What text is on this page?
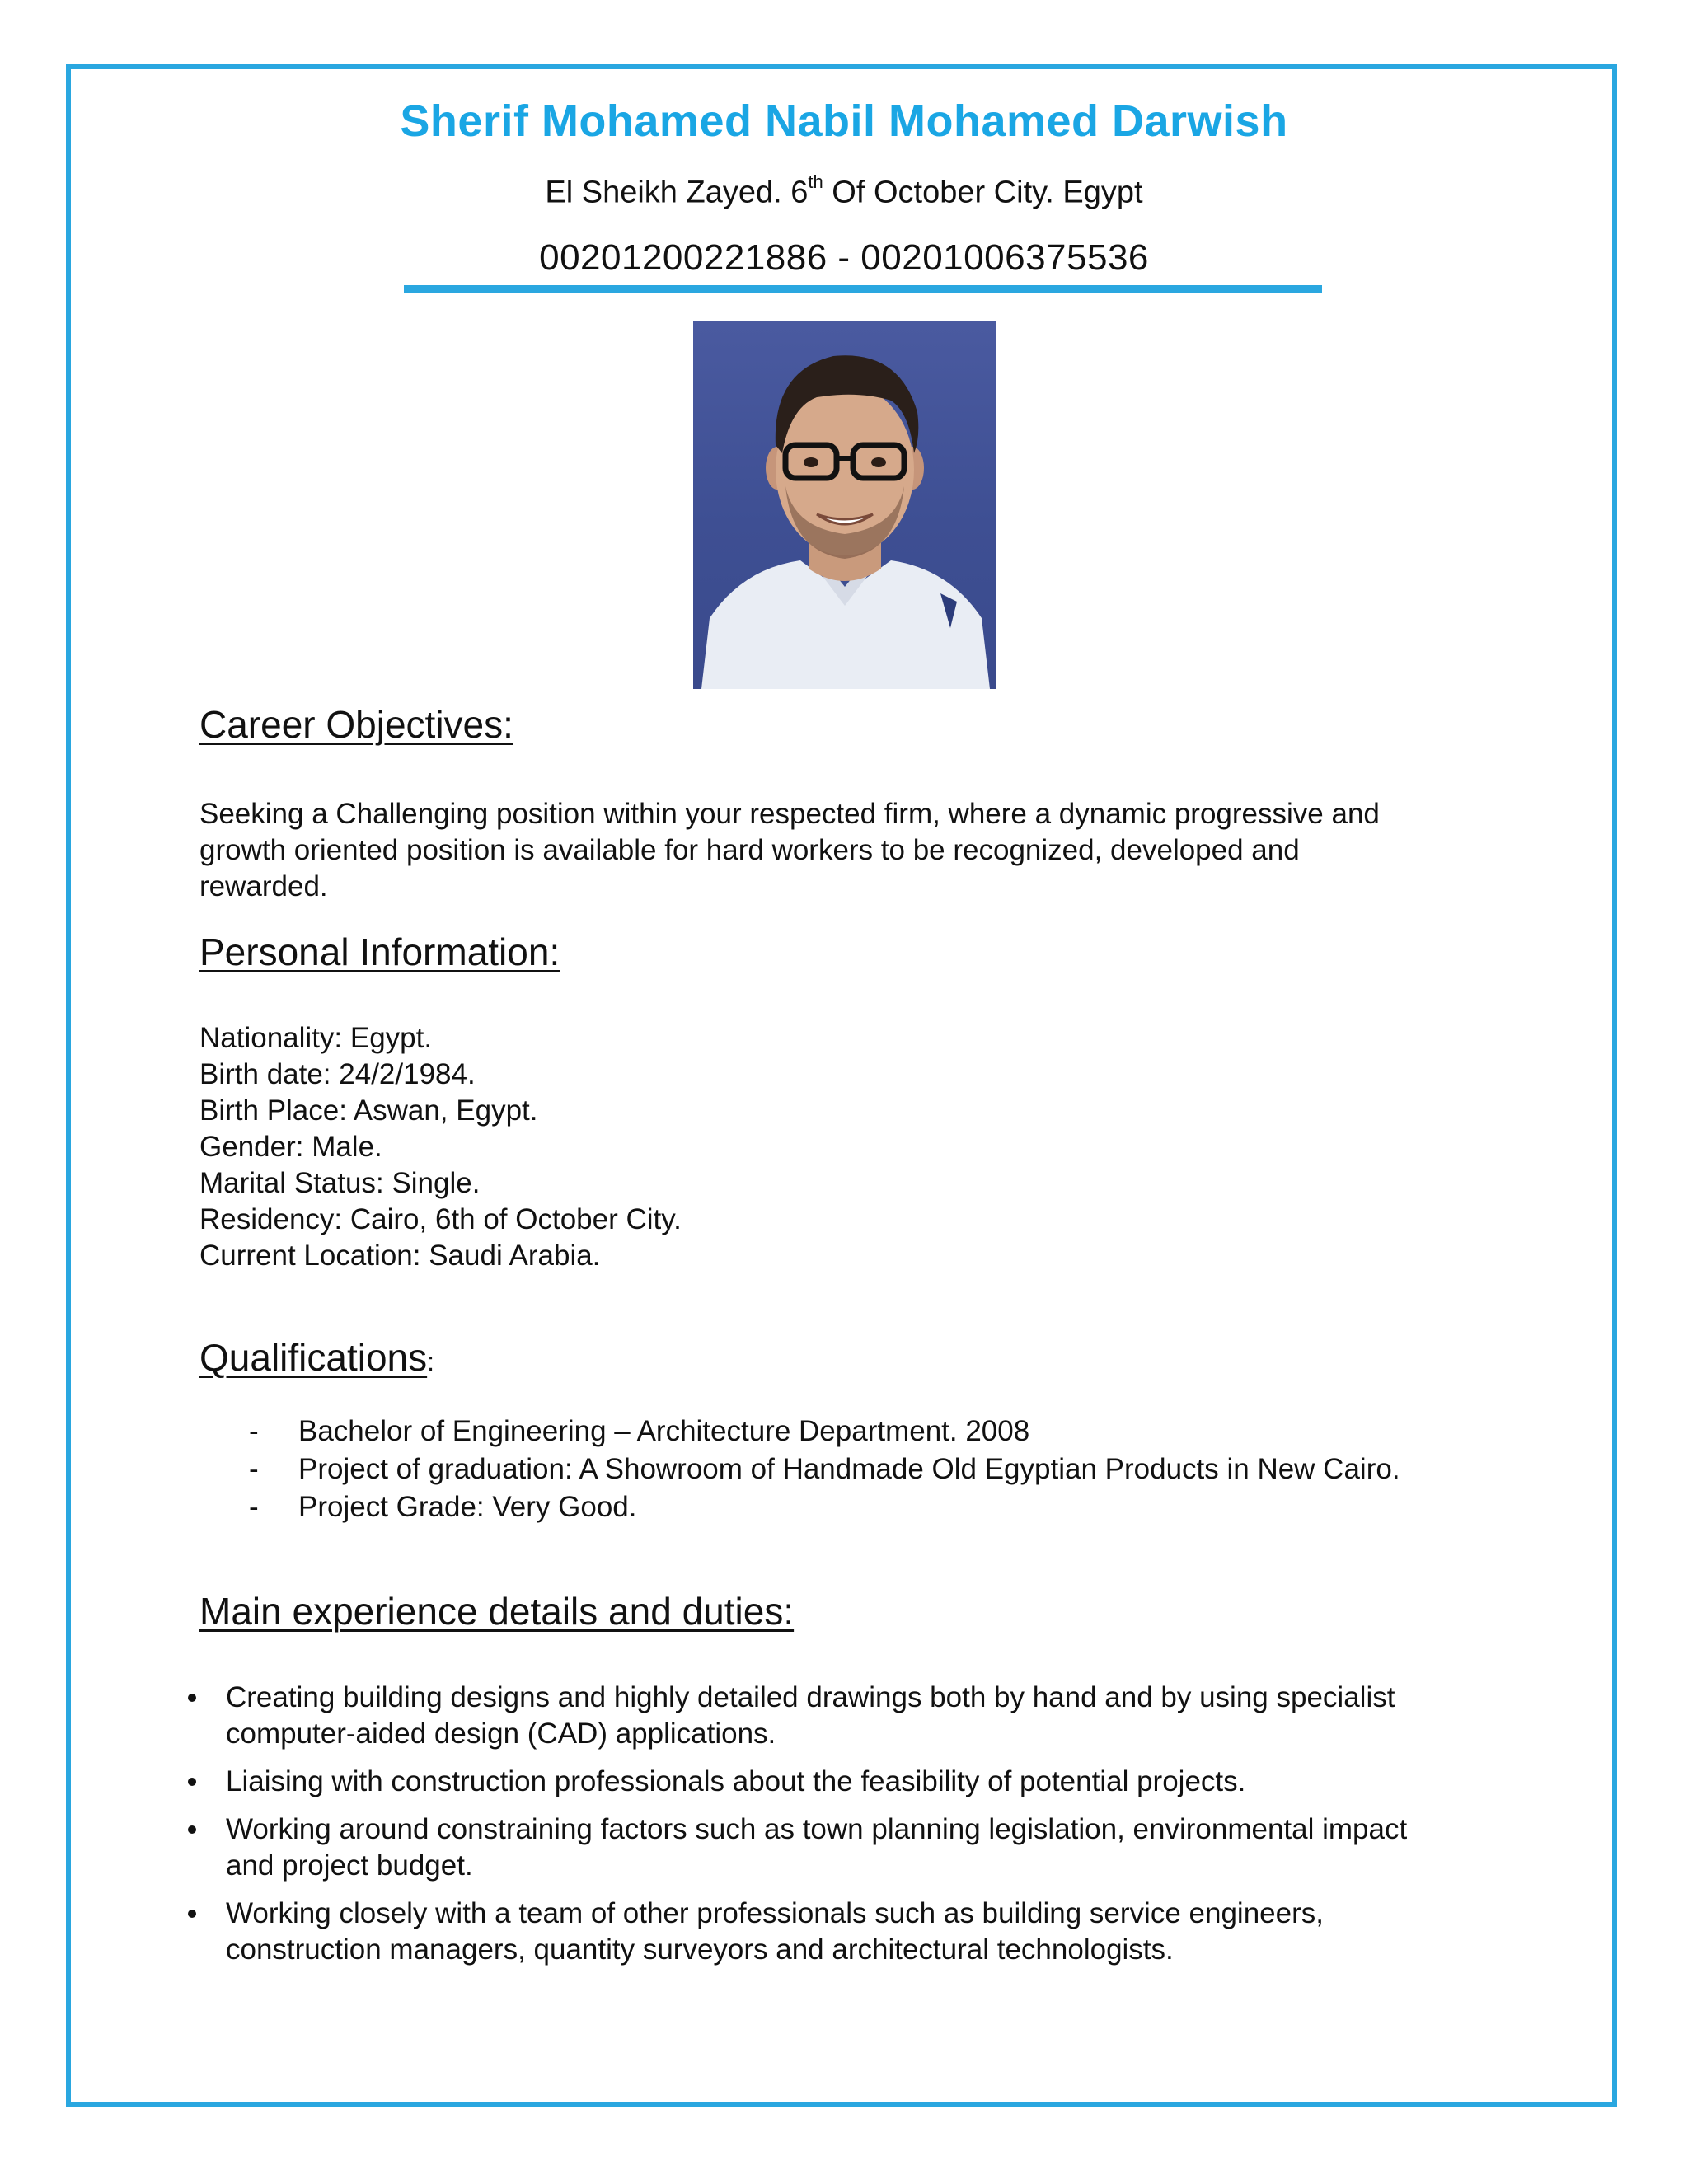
Sherif Mohamed Nabil Mohamed Darwish
El Sheikh Zayed. 6th Of October City. Egypt
00201200221886 - 00201006375536
Career Objectives:
Seeking a Challenging position within your respected firm, where a dynamic progressive and growth oriented position is available for hard workers to be recognized, developed and rewarded.
Personal Information:
Nationality: Egypt.
Birth date: 24/2/1984.
Birth Place: Aswan, Egypt.
Gender: Male.
Marital Status: Single.
Residency: Cairo, 6th of October City.
Current Location: Saudi Arabia.
Qualifications:
- Bachelor of Engineering – Architecture Department. 2008
- Project of graduation: A Showroom of Handmade Old Egyptian Products in New Cairo.
- Project Grade: Very Good.
Main experience details and duties:
Creating building designs and highly detailed drawings both by hand and by using specialist computer-aided design (CAD) applications.
Liaising with construction professionals about the feasibility of potential projects.
Working around constraining factors such as town planning legislation, environmental impact and project budget.
Working closely with a team of other professionals such as building service engineers, construction managers, quantity surveyors and architectural technologists.
